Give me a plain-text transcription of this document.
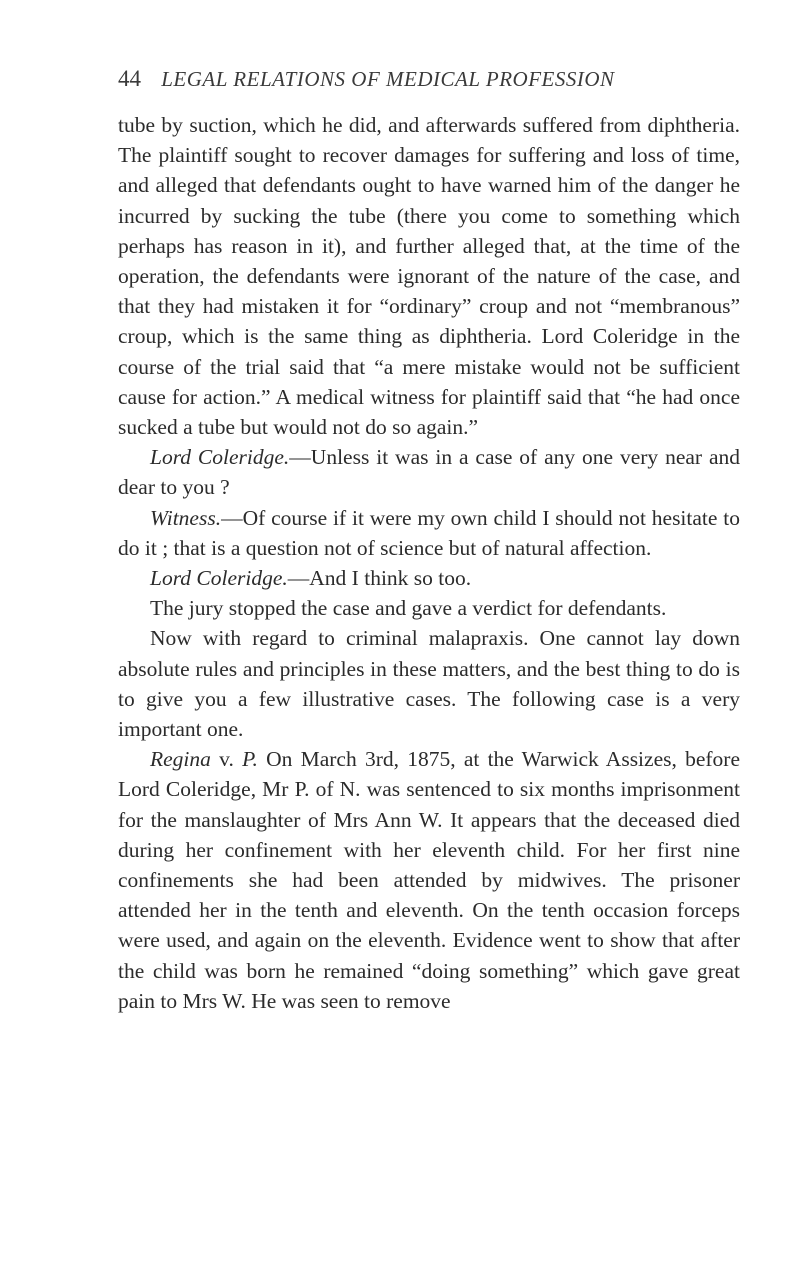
44 LEGAL RELATIONS OF MEDICAL PROFESSION

tube by suction, which he did, and afterwards suffered from diphtheria. The plaintiff sought to recover damages for suffering and loss of time, and alleged that defendants ought to have warned him of the danger he incurred by sucking the tube (there you come to something which perhaps has reason in it), and further alleged that, at the time of the operation, the defendants were ignorant of the nature of the case, and that they had mistaken it for “ordinary” croup and not “membranous” croup, which is the same thing as diphtheria. Lord Coleridge in the course of the trial said that “a mere mistake would not be sufficient cause for action.” A medical witness for plaintiff said that “he had once sucked a tube but would not do so again.”

Lord Coleridge.—Unless it was in a case of any one very near and dear to you ?

Witness.—Of course if it were my own child I should not hesitate to do it ; that is a question not of science but of natural affection.

Lord Coleridge.—And I think so too.

The jury stopped the case and gave a verdict for defendants.

Now with regard to criminal malapraxis. One cannot lay down absolute rules and principles in these matters, and the best thing to do is to give you a few illustrative cases. The following case is a very important one.

Regina v. P. On March 3rd, 1875, at the Warwick Assizes, before Lord Coleridge, Mr P. of N. was sentenced to six months imprisonment for the manslaughter of Mrs Ann W. It appears that the deceased died during her confinement with her eleventh child. For her first nine confinements she had been attended by midwives. The prisoner attended her in the tenth and eleventh. On the tenth occasion forceps were used, and again on the eleventh. Evidence went to show that after the child was born he remained “doing something” which gave great pain to Mrs W. He was seen to remove
